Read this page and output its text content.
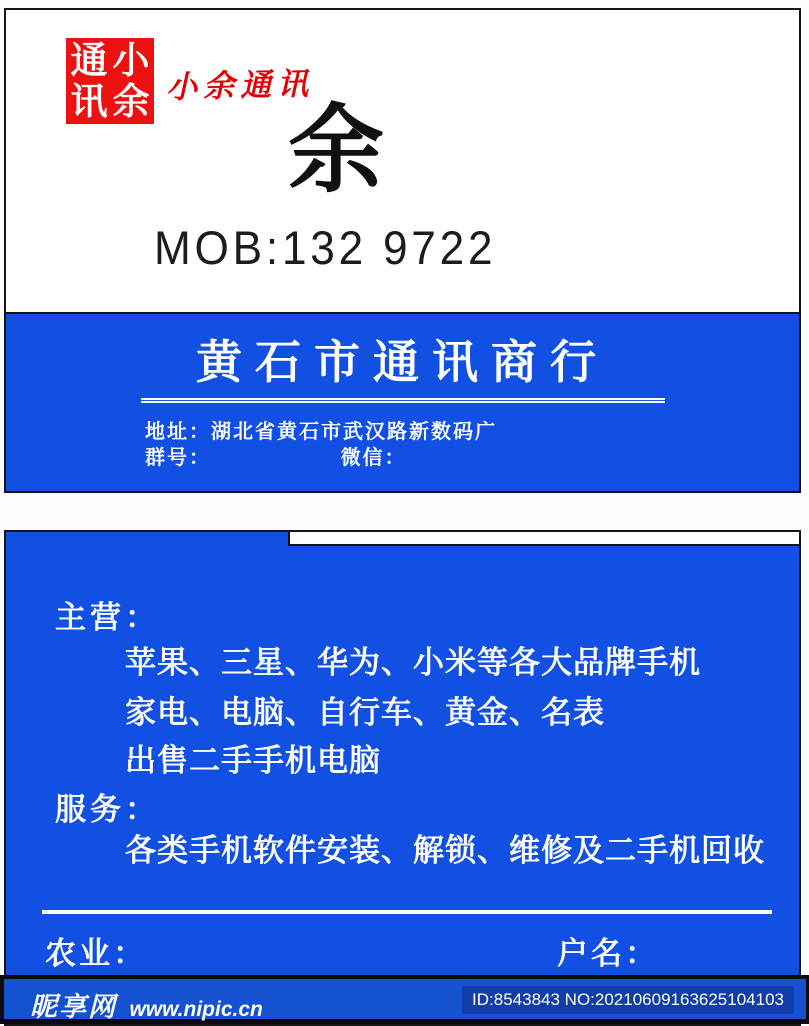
通 小
讯 余 小余通讯
余
MOB:132 9722
黄石市通讯商行
地址：湖北省黄石市武汉路新数码广
群号：	微信：
主营：
苹果、三星、华为、小米等各大品牌手机
家电、电脑、自行车、黄金、名表
出售二手手机电脑
服务：
各类手机软件安装、解锁、维修及二手机回收
农业：	户名：
昵享网 www.nipic.cn	ID:8543843 NO:20210609163625104103
